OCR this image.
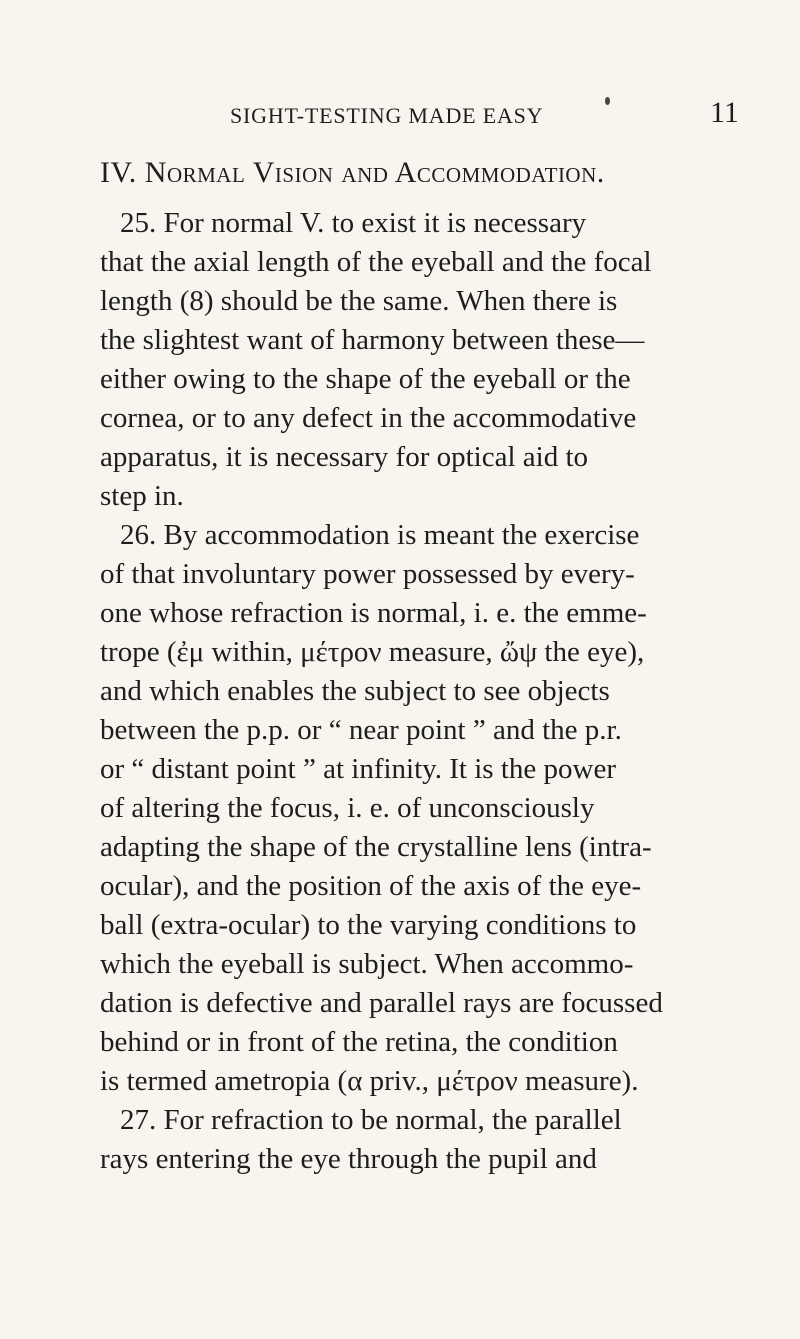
SIGHT-TESTING MADE EASY	11
IV. Normal Vision and Accommodation.
25. For normal V. to exist it is necessary
that the axial length of the eyeball and the focal
length (8) should be the same. When there is
the slightest want of harmony between these—
either owing to the shape of the eyeball or the
cornea, or to any defect in the accommodative
apparatus, it is necessary for optical aid to
step in.
26. By accommodation is meant the exercise
of that involuntary power possessed by every-
one whose refraction is normal, i. e. the emme-
trope (ἐμ within, μέτρον measure, ὤψ the eye),
and which enables the subject to see objects
between the p.p. or “ near point ” and the p.r.
or “ distant point ” at infinity. It is the power
of altering the focus, i. e. of unconsciously
adapting the shape of the crystalline lens (intra-
ocular), and the position of the axis of the eye-
ball (extra-ocular) to the varying conditions to
which the eyeball is subject. When accommo-
dation is defective and parallel rays are focussed
behind or in front of the retina, the condition
is termed ametropia (α priv., μέτρον measure).
27. For refraction to be normal, the parallel
rays entering the eye through the pupil and
